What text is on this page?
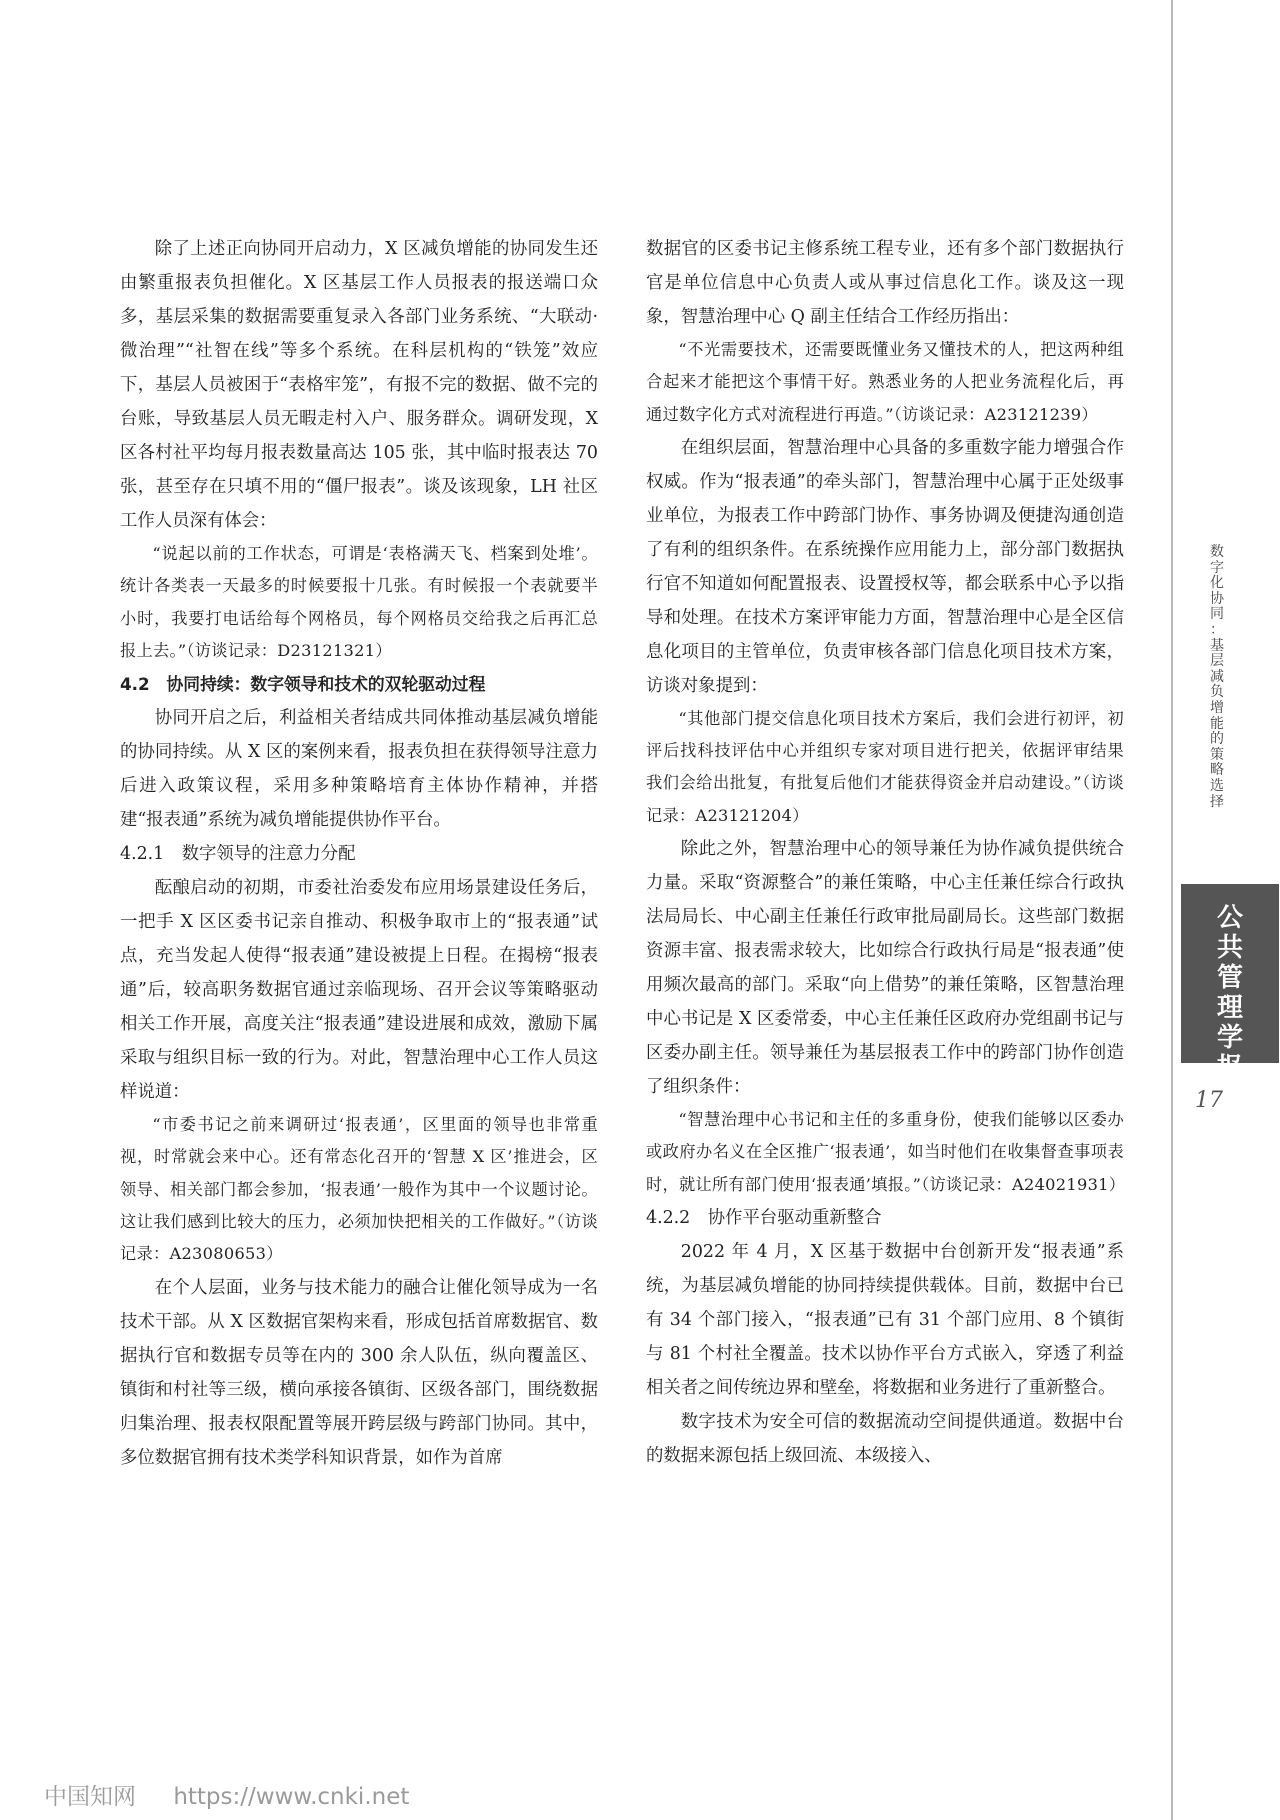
除了上述正向协同开启动力，X 区减负增能的协同发生还由繁重报表负担催化。X 区基层工作人员报表的报送端口众多，基层采集的数据需要重复录入各部门业务系统、“大联动·微治理”“社智在线”等多个系统。在科层机构的“铁笼”效应下，基层人员被困于“表格牢笼”，有报不完的数据、做不完的台账，导致基层人员无暇走村入户、服务群众。调研发现，X 区各村社平均每月报表数量高达 105 张，其中临时报表达 70 张，甚至存在只填不用的“僵尸报表”。谈及该现象，LH 社区工作人员深有体会：

“说起以前的工作状态，可谓是‘表格满天飞、档案到处堆’。统计各类表一天最多的时候要报十几张。有时候报一个表就要半小时，我要打电话给每个网格员，每个网格员交给我之后再汇总报上去。”（访谈记录：D23121321）

4.2　协同持续：数字领导和技术的双轮驱动过程

协同开启之后，利益相关者结成共同体推动基层减负增能的协同持续。从 X 区的案例来看，报表负担在获得领导注意力后进入政策议程，采用多种策略培育主体协作精神，并搭建“报表通”系统为减负增能提供协作平台。

4.2.1　数字领导的注意力分配

酝酿启动的初期，市委社治委发布应用场景建设任务后，一把手 X 区区委书记亲自推动、积极争取市上的“报表通”试点，充当发起人使得“报表通”建设被提上日程。在揭榜“报表通”后，较高职务数据官通过亲临现场、召开会议等策略驱动相关工作开展，高度关注“报表通”建设进展和成效，激励下属采取与组织目标一致的行为。对此，智慧治理中心工作人员这样说道：

“市委书记之前来调研过‘报表通’，区里面的领导也非常重视，时常就会来中心。还有常态化召开的‘智慧 X 区’推进会，区领导、相关部门都会参加，‘报表通’一般作为其中一个议题讨论。这让我们感到比较大的压力，必须加快把相关的工作做好。”（访谈记录：A23080653）

在个人层面，业务与技术能力的融合让催化领导成为一名技术干部。从 X 区数据官架构来看，形成包括首席数据官、数据执行官和数据专员等在内的 300 余人队伍，纵向覆盖区、镇街和村社等三级，横向承接各镇街、区级各部门，围绕数据归集治理、报表权限配置等展开跨层级与跨部门协同。其中，多位数据官拥有技术类学科知识背景，如作为首席

数据官的区委书记主修系统工程专业，还有多个部门数据执行官是单位信息中心负责人或从事过信息化工作。谈及这一现象，智慧治理中心 Q 副主任结合工作经历指出：

“不光需要技术，还需要既懂业务又懂技术的人，把这两种组合起来才能把这个事情干好。熟悉业务的人把业务流程化后，再通过数字化方式对流程进行再造。”（访谈记录：A23121239）

在组织层面，智慧治理中心具备的多重数字能力增强合作权威。作为“报表通”的牵头部门，智慧治理中心属于正处级事业单位，为报表工作中跨部门协作、事务协调及便捷沟通创造了有利的组织条件。在系统操作应用能力上，部分部门数据执行官不知道如何配置报表、设置授权等，都会联系中心予以指导和处理。在技术方案评审能力方面，智慧治理中心是全区信息化项目的主管单位，负责审核各部门信息化项目技术方案，访谈对象提到：

“其他部门提交信息化项目技术方案后，我们会进行初评，初评后找科技评估中心并组织专家对项目进行把关，依据评审结果我们会给出批复，有批复后他们才能获得资金并启动建设。”（访谈记录：A23121204）

除此之外，智慧治理中心的领导兼任为协作减负提供统合力量。采取“资源整合”的兼任策略，中心主任兼任综合行政执法局局长、中心副主任兼任行政审批局副局长。这些部门数据资源丰富、报表需求较大，比如综合行政执行局是“报表通”使用频次最高的部门。采取“向上借势”的兼任策略，区智慧治理中心书记是 X 区委常委，中心主任兼任区政府办党组副书记与区委办副主任。领导兼任为基层报表工作中的跨部门协作创造了组织条件：

“智慧治理中心书记和主任的多重身份，使我们能够以区委办或政府办名义在全区推广‘报表通’，如当时他们在收集督查事项表时，就让所有部门使用‘报表通’填报。”（访谈记录：A24021931）

4.2.2　协作平台驱动重新整合

2022 年 4 月，X 区基于数据中台创新开发“报表通”系统，为基层减负增能的协同持续提供载体。目前，数据中台已有 34 个部门接入，“报表通”已有 31 个部门应用、8 个镇街与 81 个村社全覆盖。技术以协作平台方式嵌入，穿透了利益相关者之间传统边界和壁垒，将数据和业务进行了重新整合。

数字技术为安全可信的数据流动空间提供通道。数据中台的数据来源包括上级回流、本级接入、

数
字
化
协
同
：
基
层
减
负
增
能
的
策
略
选
择
公
共
管
理
学
报
17
中国知网 https://www.cnki.net
